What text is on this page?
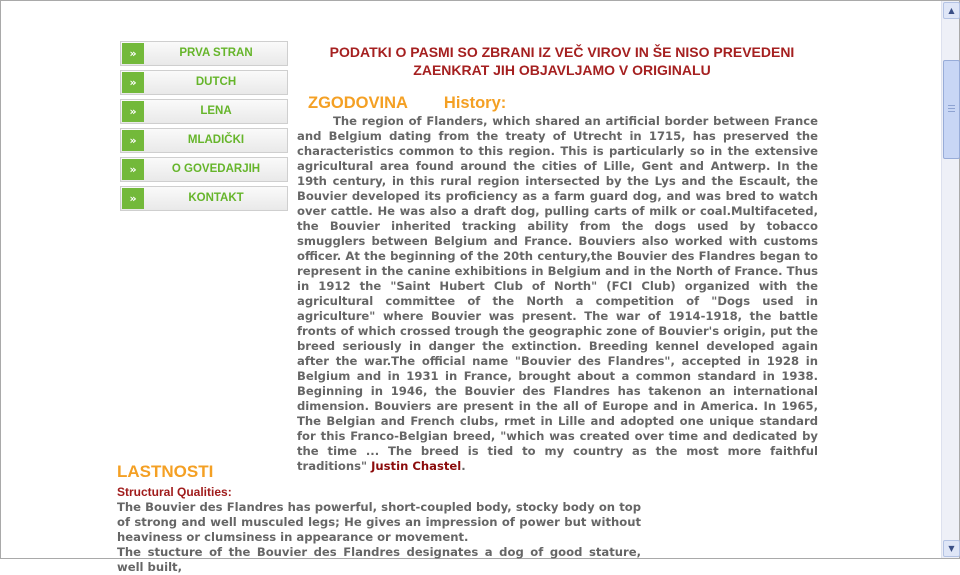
»	PRVA STRAN
»	DUTCH
»	LENA
»	MLADIČKI
»	O GOVEDARJIH
»	KONTAKT
PODATKI O PASMI SO ZBRANI IZ VEČ VIROV IN ŠE NISO PREVEDENI ZAENKRAT JIH OBJAVLJAMO V ORIGINALU
ZGODOVINA History:
The region of Flanders, which shared an artificial border between France and Belgium dating from the treaty of Utrecht in 1715, has preserved the characteristics common to this region. This is particularly so in the extensive agricultural area found around the cities of Lille, Gent and Antwerp. In the 19th century, in this rural region intersected by the Lys and the Escault, the Bouvier developed its proficiency as a farm guard dog, and was bred to watch over cattle. He was also a draft dog, pulling carts of milk or coal.Multifaceted, the Bouvier inherited tracking ability from the dogs used by tobacco smugglers between Belgium and France. Bouviers also worked with customs officer. At the beginning of the 20th century,the Bouvier des Flandres began to represent in the canine exhibitions in Belgium and in the North of France. Thus in 1912 the "Saint Hubert Club of North" (FCI Club) organized with the agricultural committee of the North a competition of "Dogs used in agriculture" where Bouvier was present. The war of 1914-1918, the battle fronts of which crossed trough the geographic zone of Bouvier's origin, put the breed seriously in danger the extinction. Breeding kennel developed again after the war.The official name "Bouvier des Flandres", accepted in 1928 in Belgium and in 1931 in France, brought about a common standard in 1938. Beginning in 1946, the Bouvier des Flandres has takenon an international dimension. Bouviers are present in the all of Europe and in America. In 1965, The Belgian and French clubs, rmet in Lille and adopted one unique standard for this Franco-Belgian breed, "which was created over time and dedicated by the time ... The breed is tied to my country as the most more faithful traditions" Justin Chastel.
LASTNOSTI
Structural Qualities:

The Bouvier des Flandres has powerful, short-coupled body, stocky body on top of strong and well musculed legs; He gives an impression of power but without heaviness or clumsiness in appearance or movement.

The stucture of the Bouvier des Flandres designates a dog of good stature, well built,

▲
▼
